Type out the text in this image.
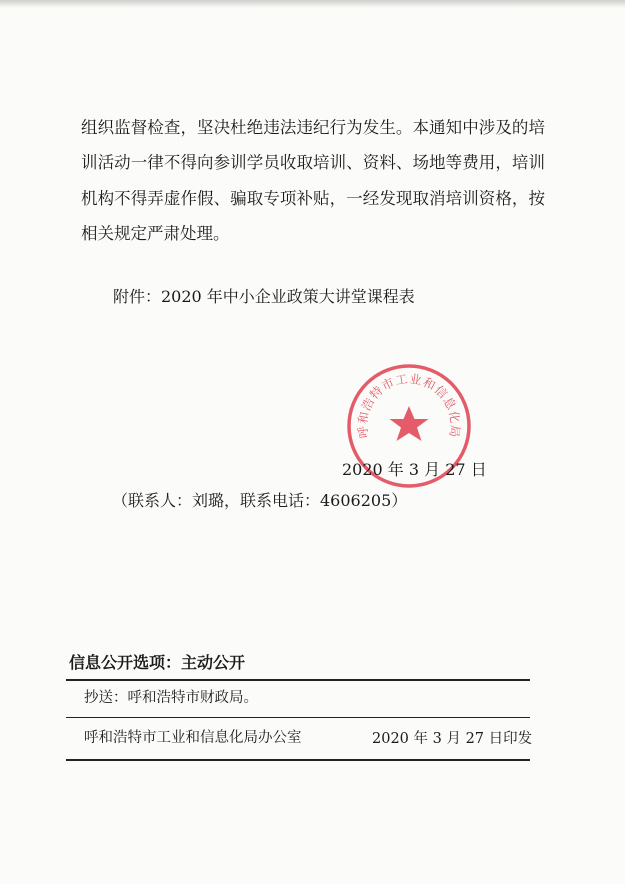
组织监督检查，坚决杜绝违法违纪行为发生。本通知中涉及的培
训活动一律不得向参训学员收取培训、资料、场地等费用，培训
机构不得弄虚作假、骗取专项补贴，一经发现取消培训资格，按
相关规定严肃处理。
附件：2020 年中小企业政策大讲堂课程表
呼和浩特市工业和信息化局
2020 年 3 月 27 日
（联系人：刘璐，联系电话：4606205）
信息公开选项：主动公开
抄送：呼和浩特市财政局。
呼和浩特市工业和信息化局办公室	2020 年 3 月 27 日印发
